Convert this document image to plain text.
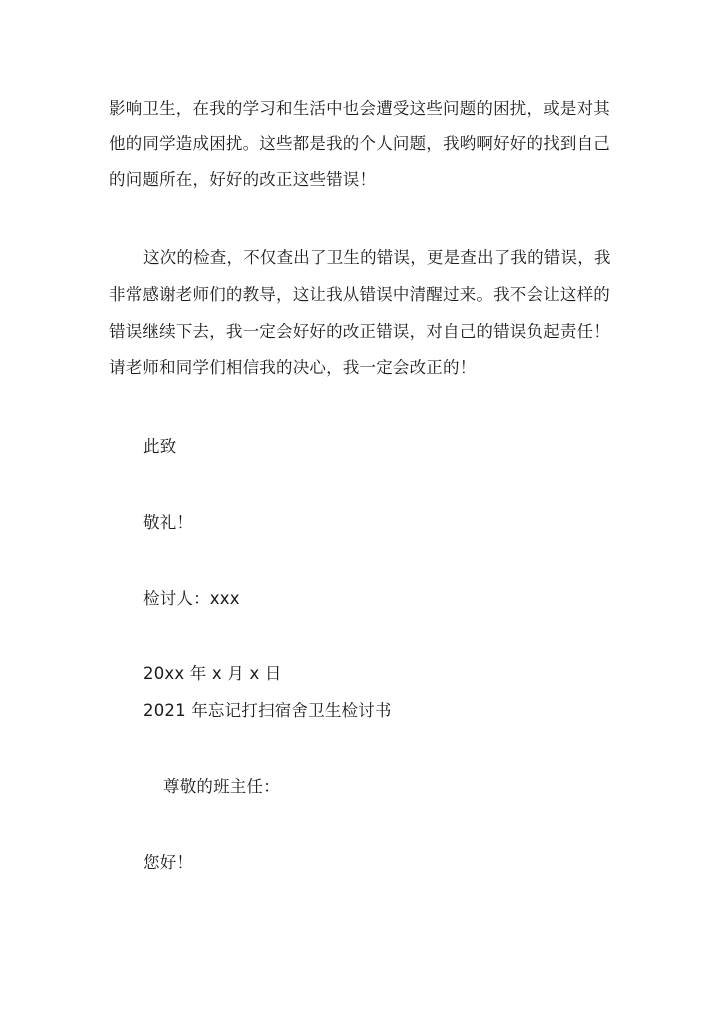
影响卫生，在我的学习和生活中也会遭受这些问题的困扰，或是对其
他的同学造成困扰。这些都是我的个人问题，我哟啊好好的找到自己
的问题所在，好好的改正这些错误！
这次的检查，不仅查出了卫生的错误，更是查出了我的错误，我
非常感谢老师们的教导，这让我从错误中清醒过来。我不会让这样的
错误继续下去，我一定会好好的改正错误，对自己的错误负起责任！
请老师和同学们相信我的决心，我一定会改正的！
此致
敬礼！
检讨人：xxx
20xx 年 x 月 x 日
2021 年忘记打扫宿舍卫生检讨书
尊敬的班主任：
您好！
